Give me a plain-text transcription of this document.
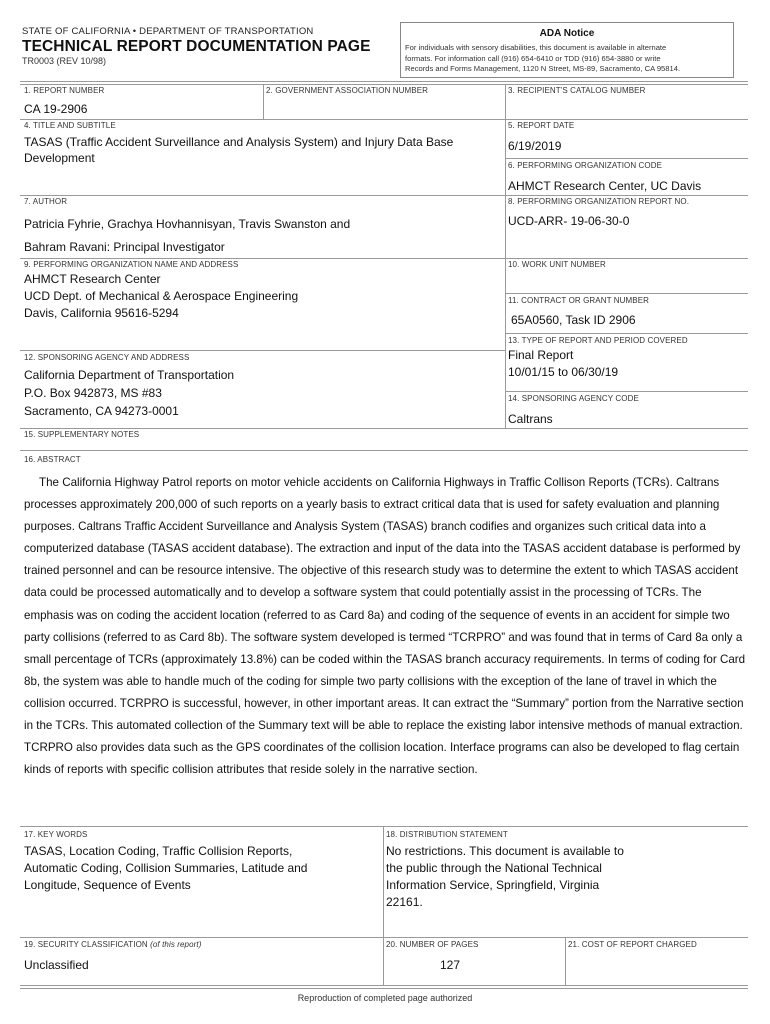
STATE OF CALIFORNIA • DEPARTMENT OF TRANSPORTATION
TECHNICAL REPORT DOCUMENTATION PAGE
TR0003 (REV 10/98)
ADA Notice
For individuals with sensory disabilities, this document is available in alternate
formats. For information call (916) 654-6410 or TDD (916) 654-3880 or write
Records and Forms Management, 1120 N Street, MS-89, Sacramento, CA 95814.
1. REPORT NUMBER
CA 19-2906
2. GOVERNMENT ASSOCIATION NUMBER	3. RECIPIENT'S CATALOG NUMBER
4. TITLE AND SUBTITLE
TASAS (Traffic Accident Surveillance and Analysis System) and Injury Data Base
Development
5. REPORT DATE
6/19/2019
6. PERFORMING ORGANIZATION CODE
AHMCT Research Center, UC Davis
7. AUTHOR
Patricia Fyhrie, Grachya Hovhannisyan, Travis Swanston and
Bahram Ravani: Principal Investigator
8. PERFORMING ORGANIZATION REPORT NO.
UCD-ARR- 19-06-30-0
9. PERFORMING ORGANIZATION NAME AND ADDRESS
AHMCT Research Center
UCD Dept. of Mechanical & Aerospace Engineering
Davis, California 95616-5294
10. WORK UNIT NUMBER
11. CONTRACT OR GRANT NUMBER
65A0560, Task ID 2906
13. TYPE OF REPORT AND PERIOD COVERED
Final Report
10/01/15 to 06/30/19
12. SPONSORING AGENCY AND ADDRESS
California Department of Transportation
P.O. Box 942873, MS #83
Sacramento, CA 94273-0001
14. SPONSORING AGENCY CODE
Caltrans
15. SUPPLEMENTARY NOTES
16. ABSTRACT
The California Highway Patrol reports on motor vehicle accidents on California Highways in Traffic Collison Reports (TCRs). Caltrans processes approximately 200,000 of such reports on a yearly basis to extract critical data that is used for safety evaluation and planning purposes. Caltrans Traffic Accident Surveillance and Analysis System (TASAS) branch codifies and organizes such critical data into a computerized database (TASAS accident database). The extraction and input of the data into the TASAS accident database is performed by trained personnel and can be resource intensive. The objective of this research study was to determine the extent to which TASAS accident data could be processed automatically and to develop a software system that could potentially assist in the processing of TCRs. The emphasis was on coding the accident location (referred to as Card 8a) and coding of the sequence of events in an accident for simple two party collisions (referred to as Card 8b). The software system developed is termed “TCRPRO” and was found that in terms of Card 8a only a small percentage of TCRs (approximately 13.8%) can be coded within the TASAS branch accuracy requirements. In terms of coding for Card 8b, the system was able to handle much of the coding for simple two party collisions with the exception of the lane of travel in which the collision occurred. TCRPRO is successful, however, in other important areas. It can extract the “Summary” portion from the Narrative section in the TCRs. This automated collection of the Summary text will be able to replace the existing labor intensive methods of manual extraction. TCRPRO also provides data such as the GPS coordinates of the collision location. Interface programs can also be developed to flag certain kinds of reports with specific collision attributes that reside solely in the narrative section.
17. KEY WORDS
TASAS, Location Coding, Traffic Collision Reports,
Automatic Coding, Collision Summaries, Latitude and
Longitude, Sequence of Events
18. DISTRIBUTION STATEMENT
No restrictions. This document is available to
the public through the National Technical
Information Service, Springfield, Virginia
22161.
19. SECURITY CLASSIFICATION (of this report)
Unclassified
20. NUMBER OF PAGES
127
21. COST OF REPORT CHARGED
Reproduction of completed page authorized
